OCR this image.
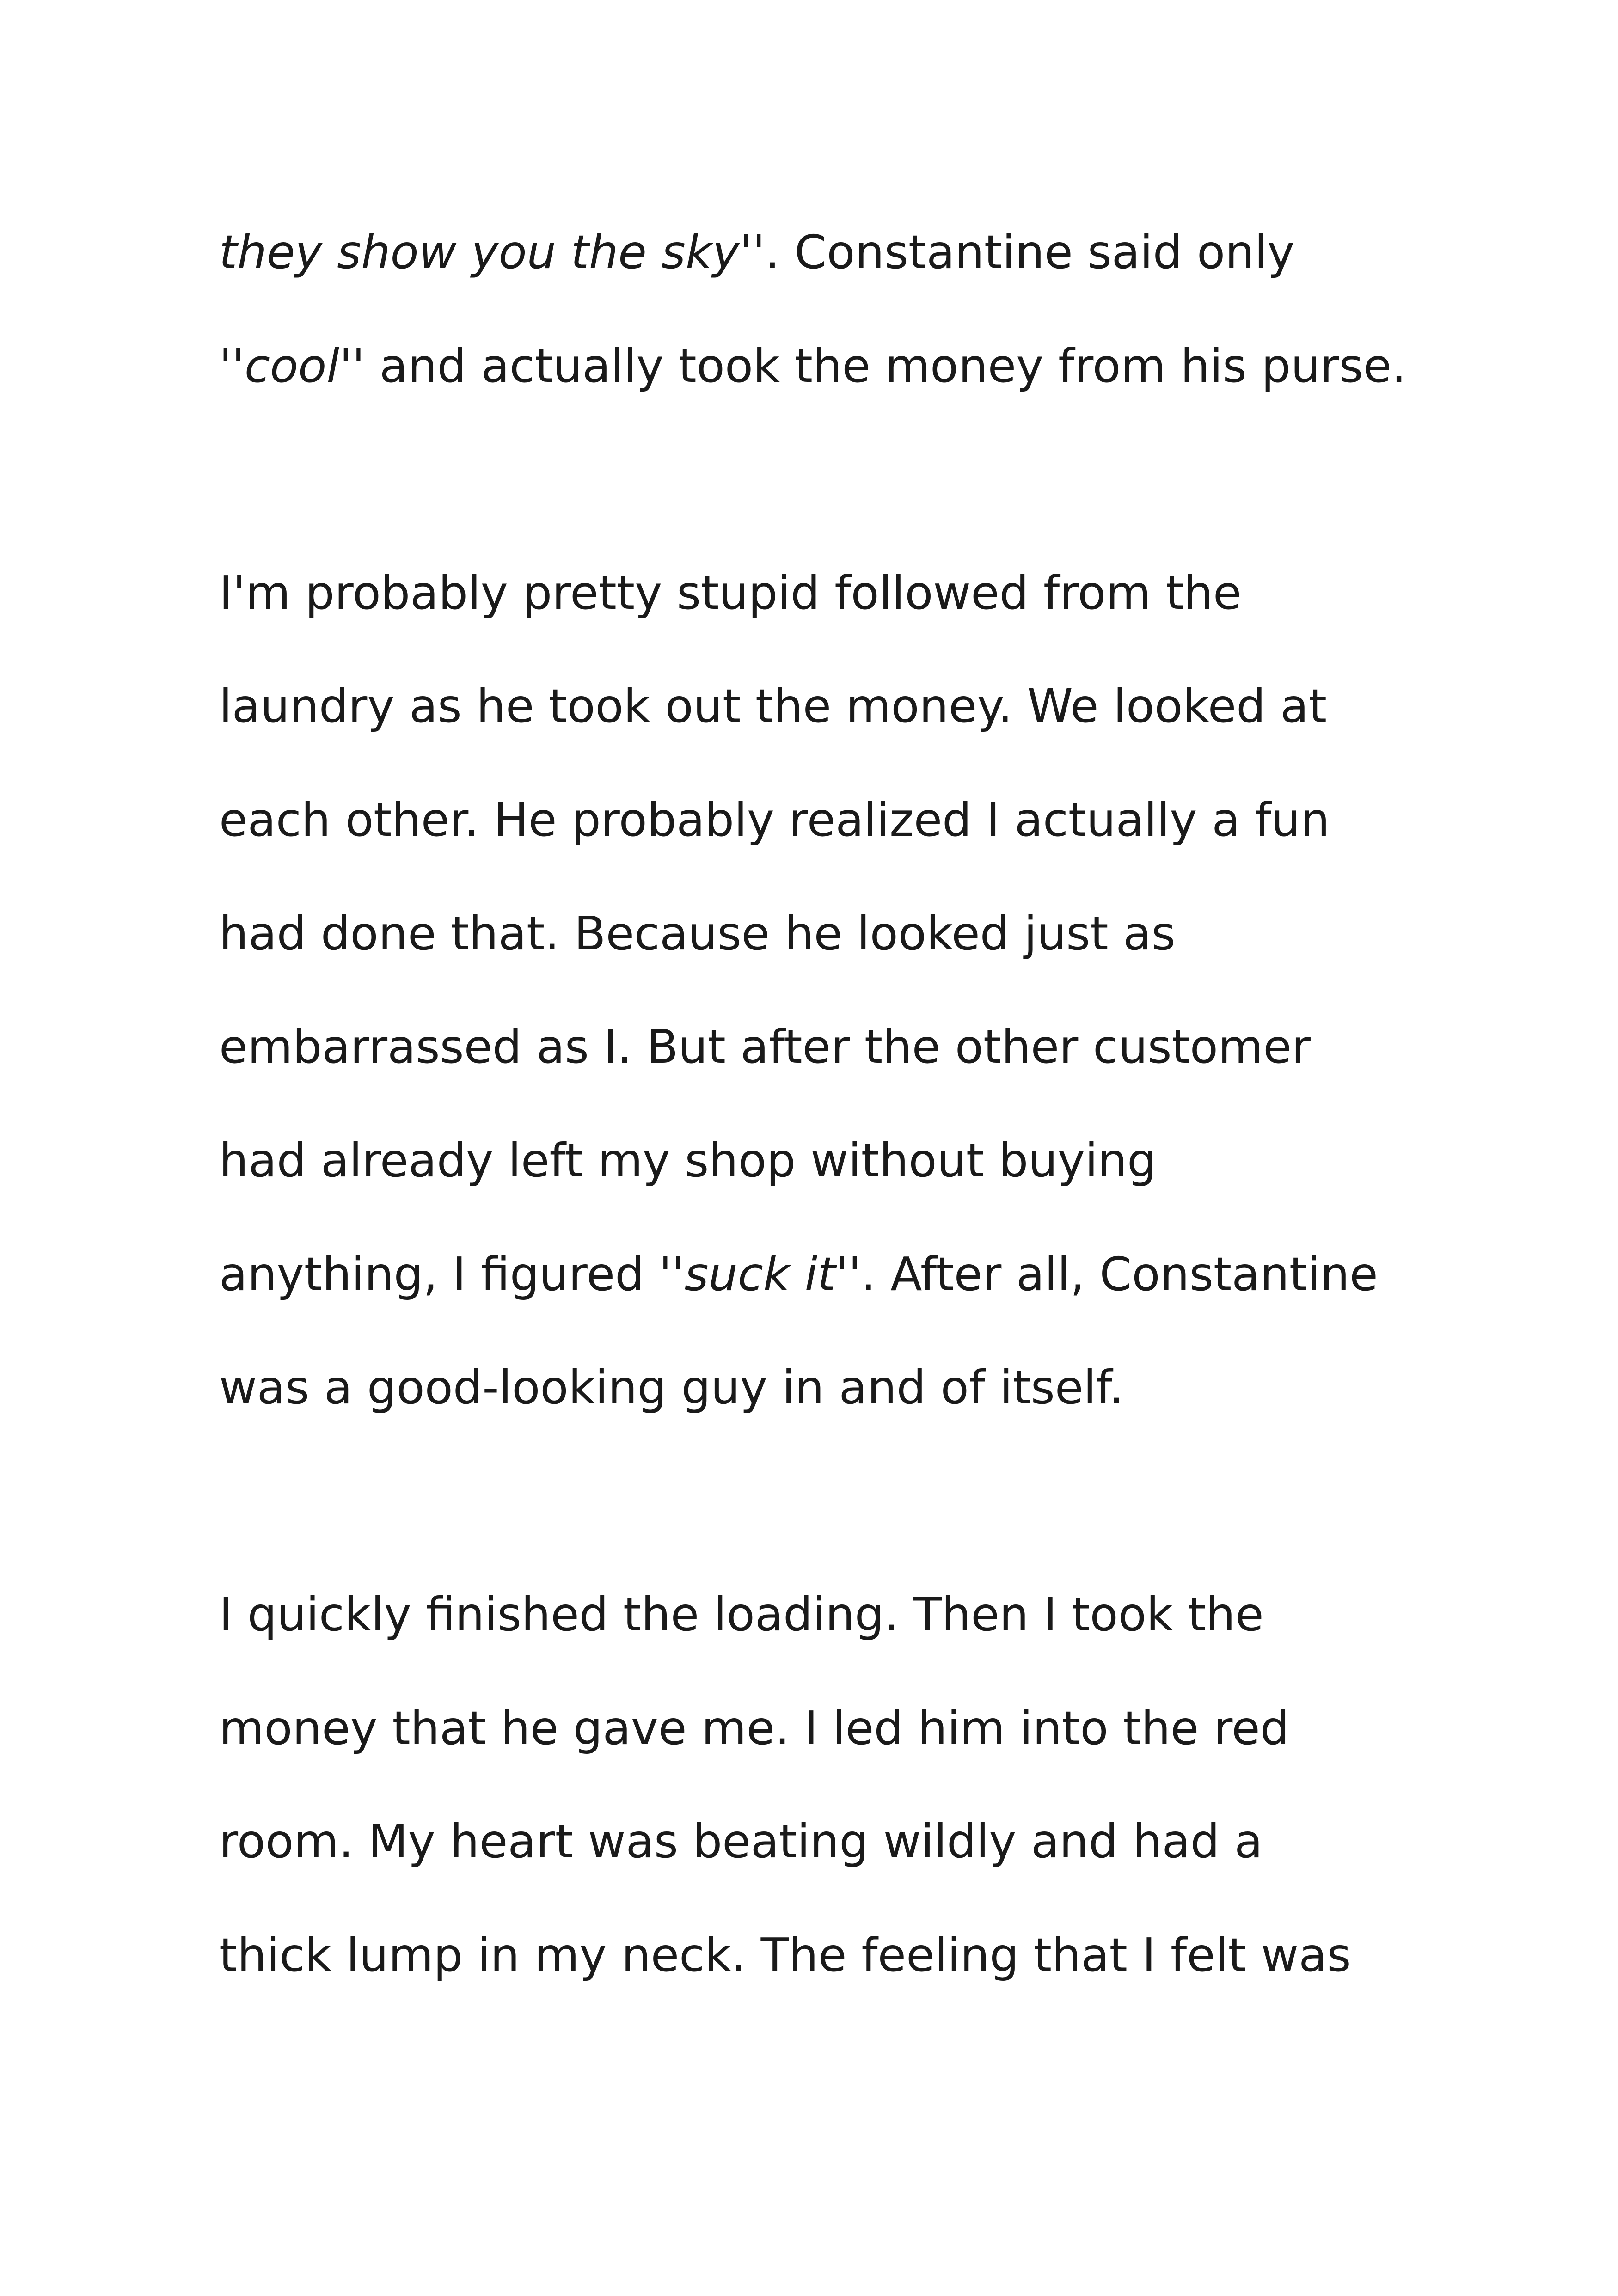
they show you the sky''. Constantine said only

''cool'' and actually took the money from his purse.

I'm probably pretty stupid followed from the

laundry as he took out the money. We looked at

each other. He probably realized I actually a fun

had done that. Because he looked just as

embarrassed as I. But after the other customer

had already left my shop without buying

anything, I figured ''suck it''. After all, Constantine

was a good-looking guy in and of itself.

I quickly finished the loading. Then I took the

money that he gave me. I led him into the red

room. My heart was beating wildly and had a

thick lump in my neck. The feeling that I felt was
